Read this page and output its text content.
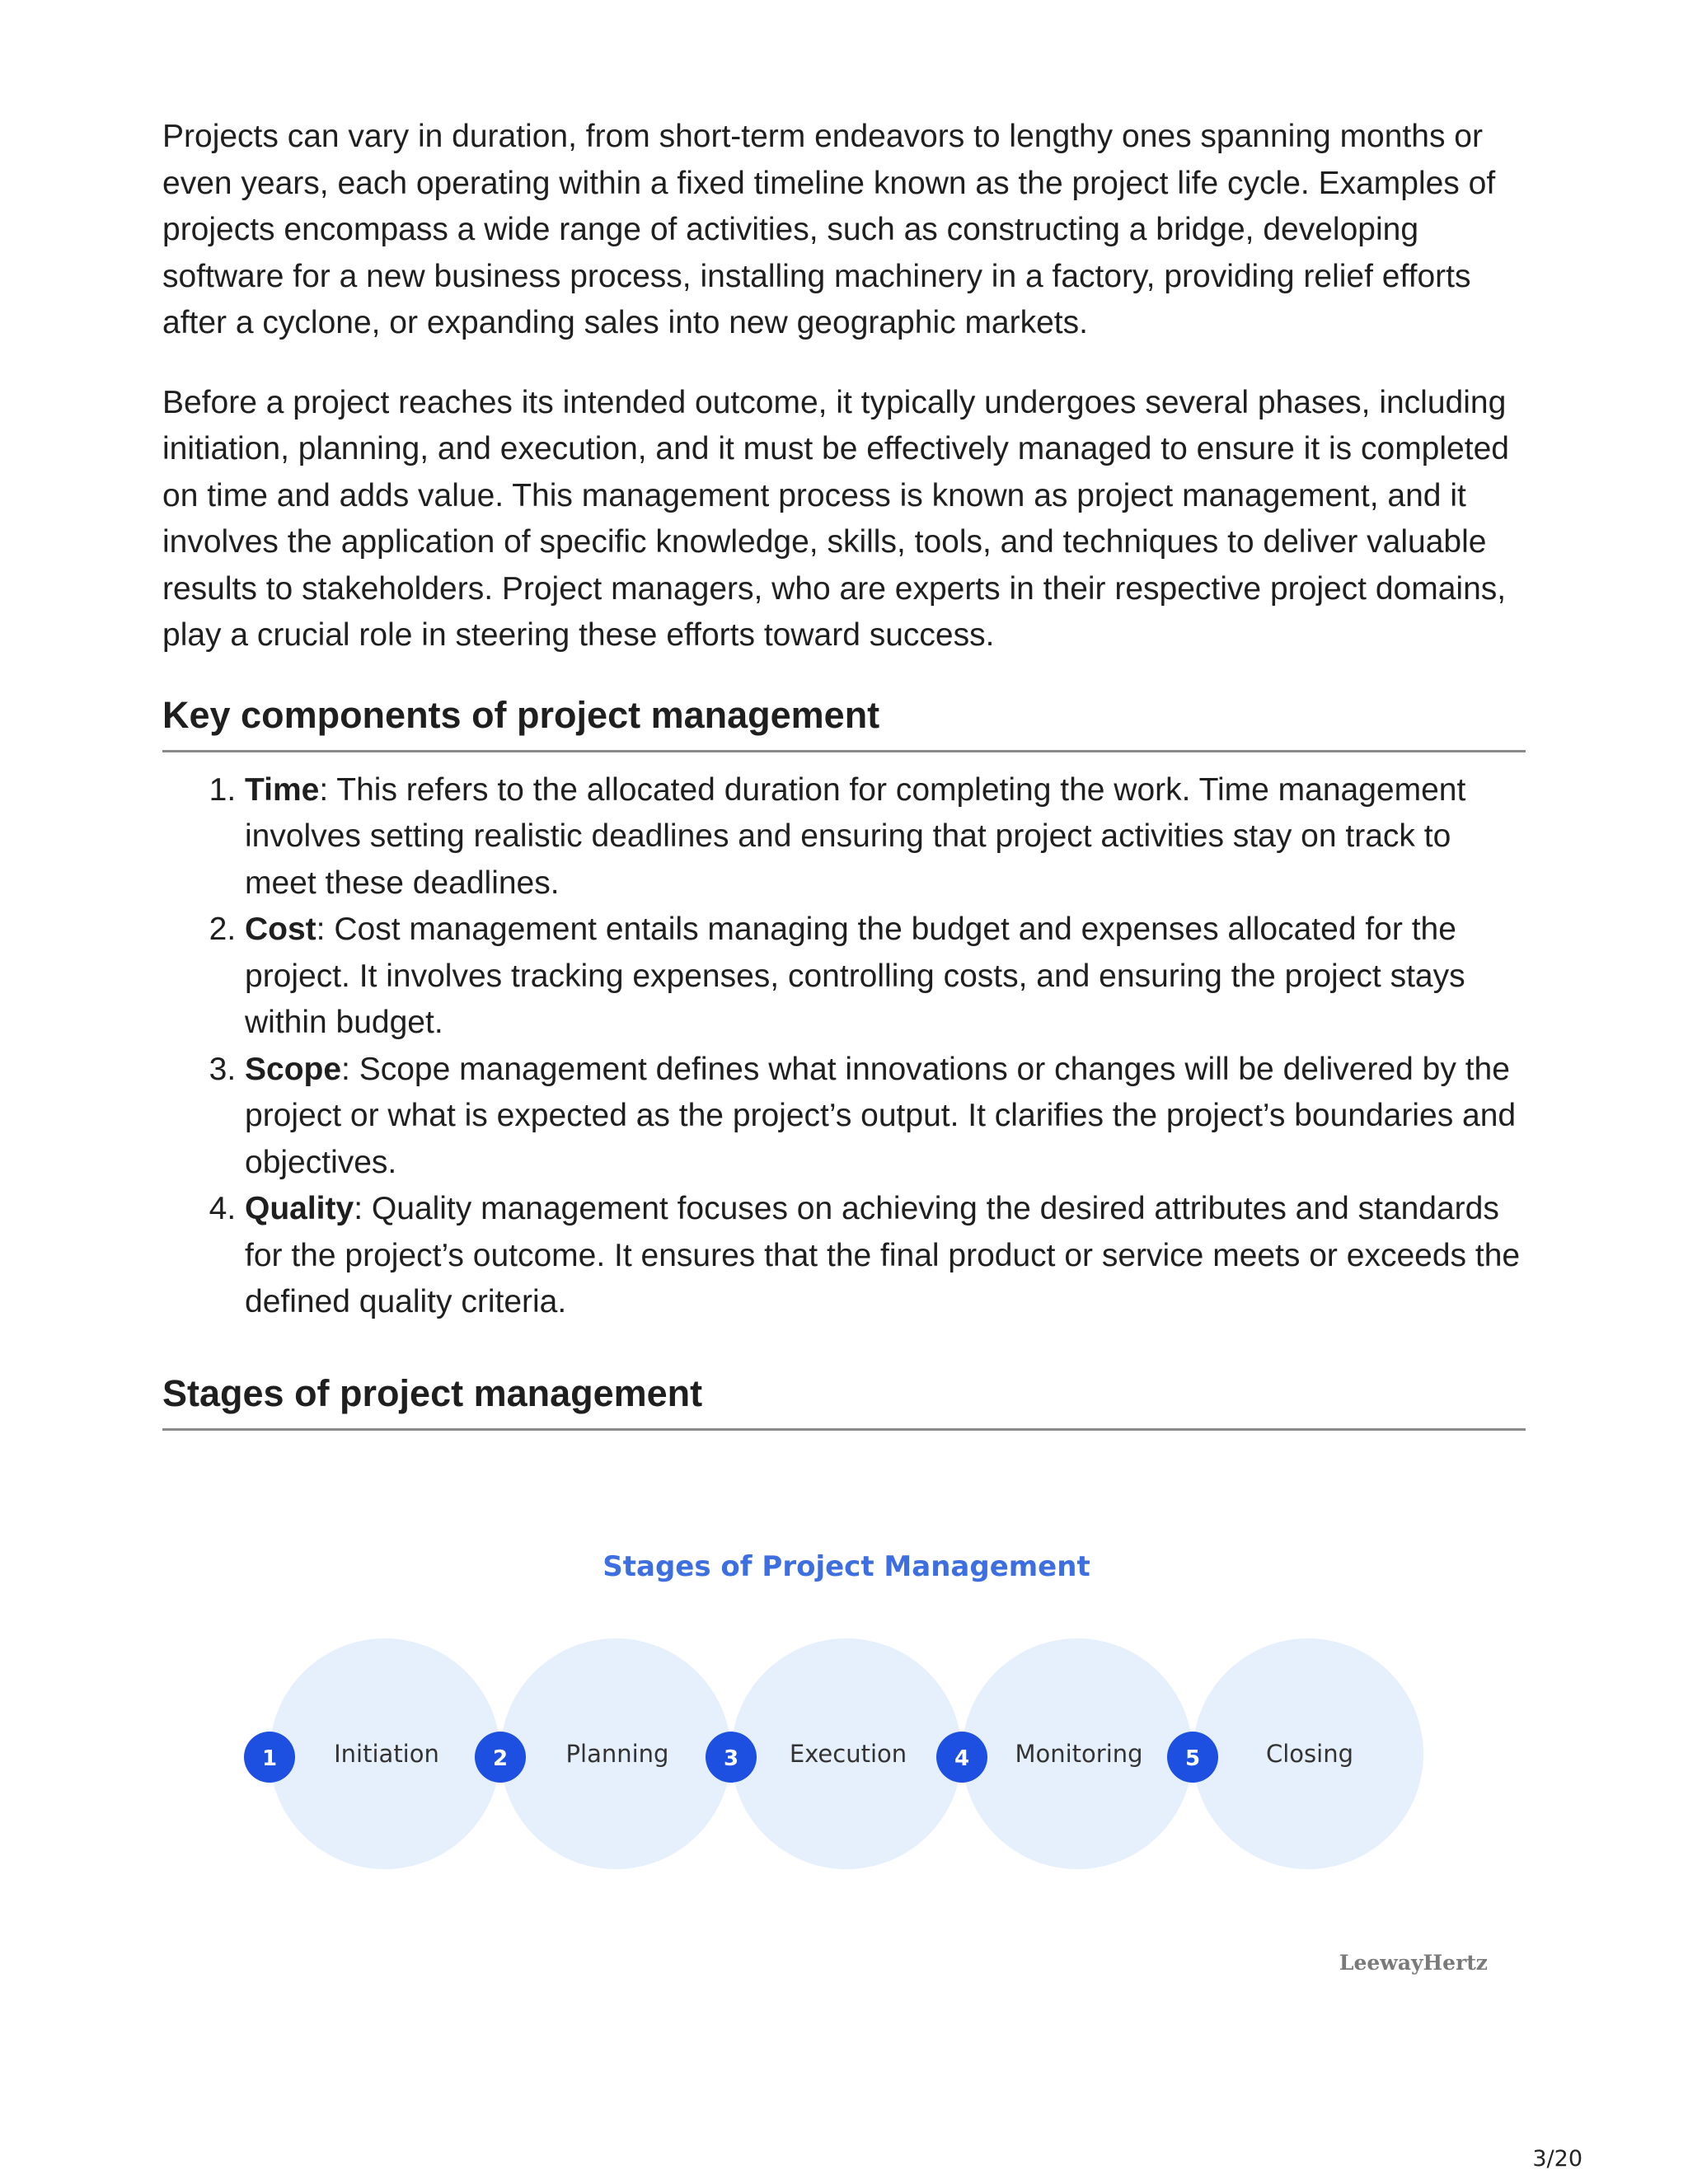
Projects can vary in duration, from short-term endeavors to lengthy ones spanning months or even years, each operating within a fixed timeline known as the project life cycle. Examples of projects encompass a wide range of activities, such as constructing a bridge, developing software for a new business process, installing machinery in a factory, providing relief efforts after a cyclone, or expanding sales into new geographic markets.

Before a project reaches its intended outcome, it typically undergoes several phases, including initiation, planning, and execution, and it must be effectively managed to ensure it is completed on time and adds value. This management process is known as project management, and it involves the application of specific knowledge, skills, tools, and techniques to deliver valuable results to stakeholders. Project managers, who are experts in their respective project domains, play a crucial role in steering these efforts toward success.

Key components of project management
1. Time: This refers to the allocated duration for completing the work. Time management involves setting realistic deadlines and ensuring that project activities stay on track to meet these deadlines.
2. Cost: Cost management entails managing the budget and expenses allocated for the project. It involves tracking expenses, controlling costs, and ensuring the project stays within budget.
3. Scope: Scope management defines what innovations or changes will be delivered by the project or what is expected as the project’s output. It clarifies the project’s boundaries and objectives.
4. Quality: Quality management focuses on achieving the desired attributes and standards for the project’s outcome. It ensures that the final product or service meets or exceeds the defined quality criteria.
Stages of project management
Stages of Project Management
1 Initiation	2 Planning	3 Execution 4 Monitoring 5	Closing
LeewayHertz
3/20
